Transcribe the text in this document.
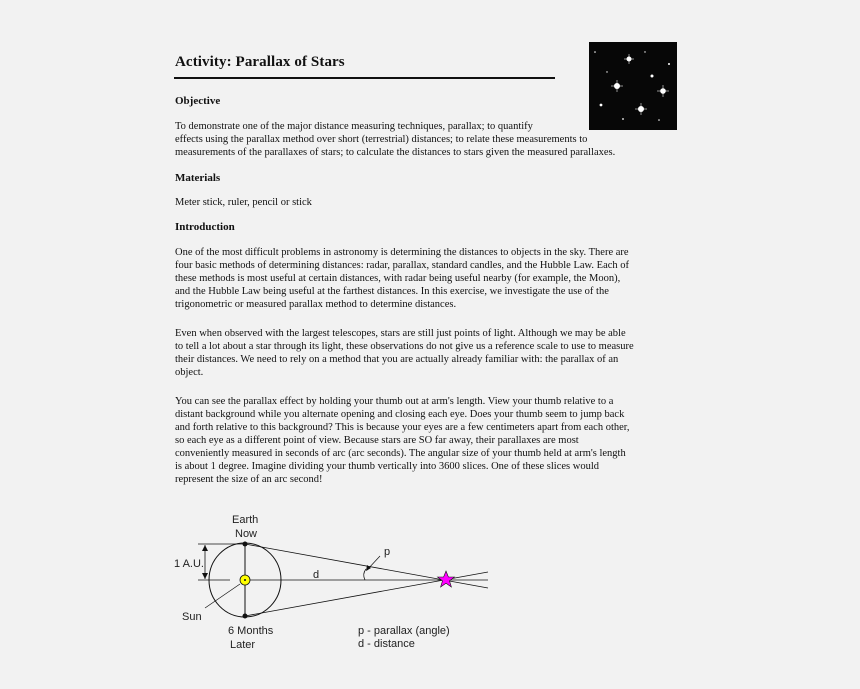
Activity: Parallax of Stars
Objective

To demonstrate one of the major distance measuring techniques, parallax; to quantify
effects using the parallax method over short (terrestrial) distances; to relate these measurements to
measurements of the parallaxes of stars; to calculate the distances to stars given the measured parallaxes.

Materials

Meter stick, ruler, pencil or stick

Introduction

One of the most difficult problems in astronomy is determining the distances to objects in the sky. There are
four basic methods of determining distances: radar, parallax, standard candles, and the Hubble Law. Each of
these methods is most useful at certain distances, with radar being useful nearby (for example, the Moon),
and the Hubble Law being useful at the farthest distances. In this exercise, we investigate the use of the
trigonometric or measured parallax method to determine distances.

Even when observed with the largest telescopes, stars are still just points of light. Although we may be able
to tell a lot about a star through its light, these observations do not give us a reference scale to use to measure
their distances. We need to rely on a method that you are actually already familiar with: the parallax of an
object.

You can see the parallax effect by holding your thumb out at arm's length. View your thumb relative to a
distant background while you alternate opening and closing each eye. Does your thumb seem to jump back
and forth relative to this background? This is because your eyes are a few centimeters apart from each other,
so each eye as a different point of view. Because stars are SO far away, their parallaxes are most
conveniently measured in seconds of arc (arc seconds). The angular size of your thumb held at arm's length
is about 1 degree. Imagine dividing your thumb vertically into 3600 slices. One of these slices would
represent the size of an arc second!

Earth
Now
1 A.U.
Sun
6 Months
Later
d
p
p - parallax (angle)
d - distance
